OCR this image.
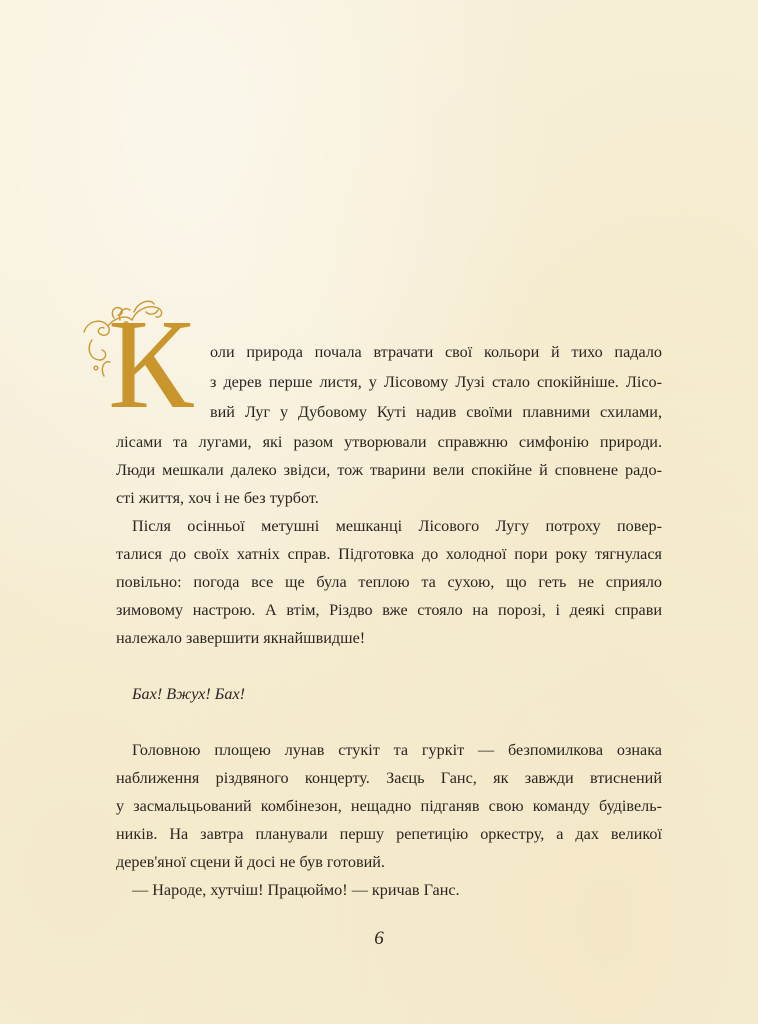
К	оли природа почала втрачати свої кольори й тихо падало

з дерев перше листя, у Лісовому Лузі стало спокійніше. Лісо-

вий Луг у Дубовому Куті надив своїми плавними схилами,

лісами та лугами, які разом утворювали справжню симфонію природи.

Люди мешкали далеко звідси, тож тварини вели спокійне й сповнене радо-

сті життя, хоч і не без турбот.

Після осінньої метушні мешканці Лісового Лугу потроху повер-

талися до своїх хатніх справ. Підготовка до холодної пори року тягнулася

повільно: погода все ще була теплою та сухою, що геть не сприяло

зимовому настрою. А втім, Різдво вже стояло на порозі, і деякі справи

належало завершити якнайшвидше!

Бах! Вжух! Бах!

Головною площею лунав стукіт та гуркіт — безпомилкова ознака

наближення різдвяного концерту. Заєць Ганс, як завжди втиснений

у засмальцьований комбінезон, нещадно підганяв свою команду будівель-

ників. На завтра планували першу репетицію оркестру, а дах великої

дерев'яної сцени й досі не був готовий.

— Народе, хутчіш! Працюймо! — кричав Ганс.

6
